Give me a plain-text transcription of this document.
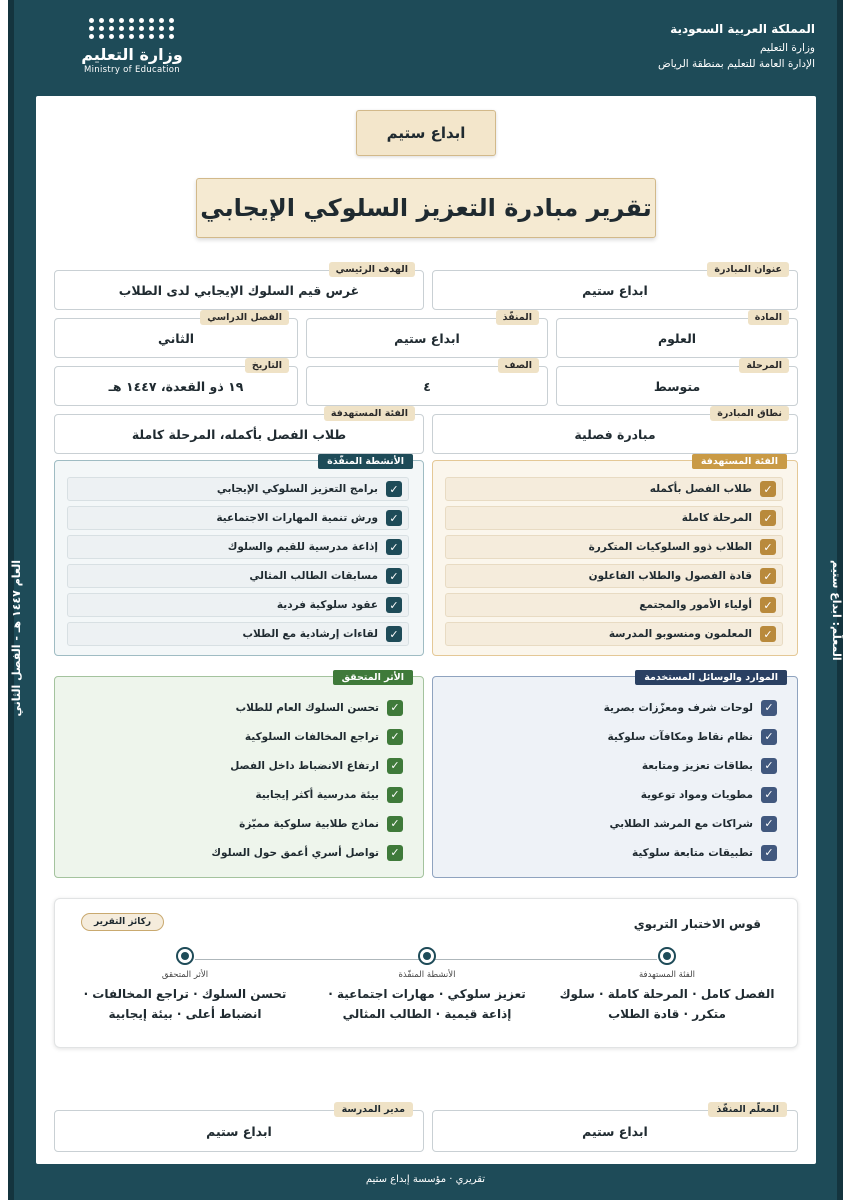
المملكة العربية السعودية
وزارة التعليم
الإدارة العامة للتعليم بمنطقة الرياض
وزارة التعليم
Ministry of Education
المعلّم: ابداع ستيم
العام ١٤٤٧ هـ - الفصل الثاني
تقريري · مؤسسة إبداع ستيم
ابداع ستيم
تقرير مبادرة التعزيز السلوكي الإيجابي
عنوان المبادرة
ابداع ستيم
الهدف الرئيسي
غرس قيم السلوك الإيجابي لدى الطلاب
المادة
العلوم
المنفّذ
ابداع ستيم
الفصل الدراسي
الثاني
المرحلة
متوسط
الصف
٤
التاريخ
١٩ ذو القعدة، ١٤٤٧ هـ
نطاق المبادرة
مبادرة فصلية
الفئة المستهدفة
طلاب الفصل بأكمله، المرحلة كاملة
الفئة المستهدفة
✓
طلاب الفصل بأكمله
✓
المرحلة كاملة
✓
الطلاب ذوو السلوكيات المتكررة
✓
قادة الفصول والطلاب الفاعلون
✓
أولياء الأمور والمجتمع
✓
المعلمون ومنسوبو المدرسة
الأنشطة المنفّذة
✓
برامج التعزيز السلوكي الإيجابي
✓
ورش تنمية المهارات الاجتماعية
✓
إذاعة مدرسية للقيم والسلوك
✓
مسابقات الطالب المثالي
✓
عقود سلوكية فردية
✓
لقاءات إرشادية مع الطلاب
الموارد والوسائل المستخدمة
✓
لوحات شرف ومعزّزات بصرية
✓
نظام نقاط ومكافآت سلوكية
✓
بطاقات تعزيز ومتابعة
✓
مطويات ومواد توعوية
✓
شراكات مع المرشد الطلابي
✓
تطبيقات متابعة سلوكية
الأثر المتحقق
✓
تحسن السلوك العام للطلاب
✓
تراجع المخالفات السلوكية
✓
ارتفاع الانضباط داخل الفصل
✓
بيئة مدرسية أكثر إيجابية
✓
نماذج طلابية سلوكية مميّزة
✓
تواصل أسري أعمق حول السلوك
قوس الاختبار التربوي
ركائز التقرير
الفئة المستهدفة
الفصل كامل · المرحلة كاملة · سلوك متكرر · قادة الطلاب
الأنشطة المنفّذة
تعزيز سلوكي · مهارات اجتماعية · إذاعة قيمية · الطالب المثالي
الأثر المتحقق
تحسن السلوك · تراجع المخالفات · انضباط أعلى · بيئة إيجابية
المعلّم المنفّذ
ابداع ستيم
مدير المدرسة
ابداع ستيم
